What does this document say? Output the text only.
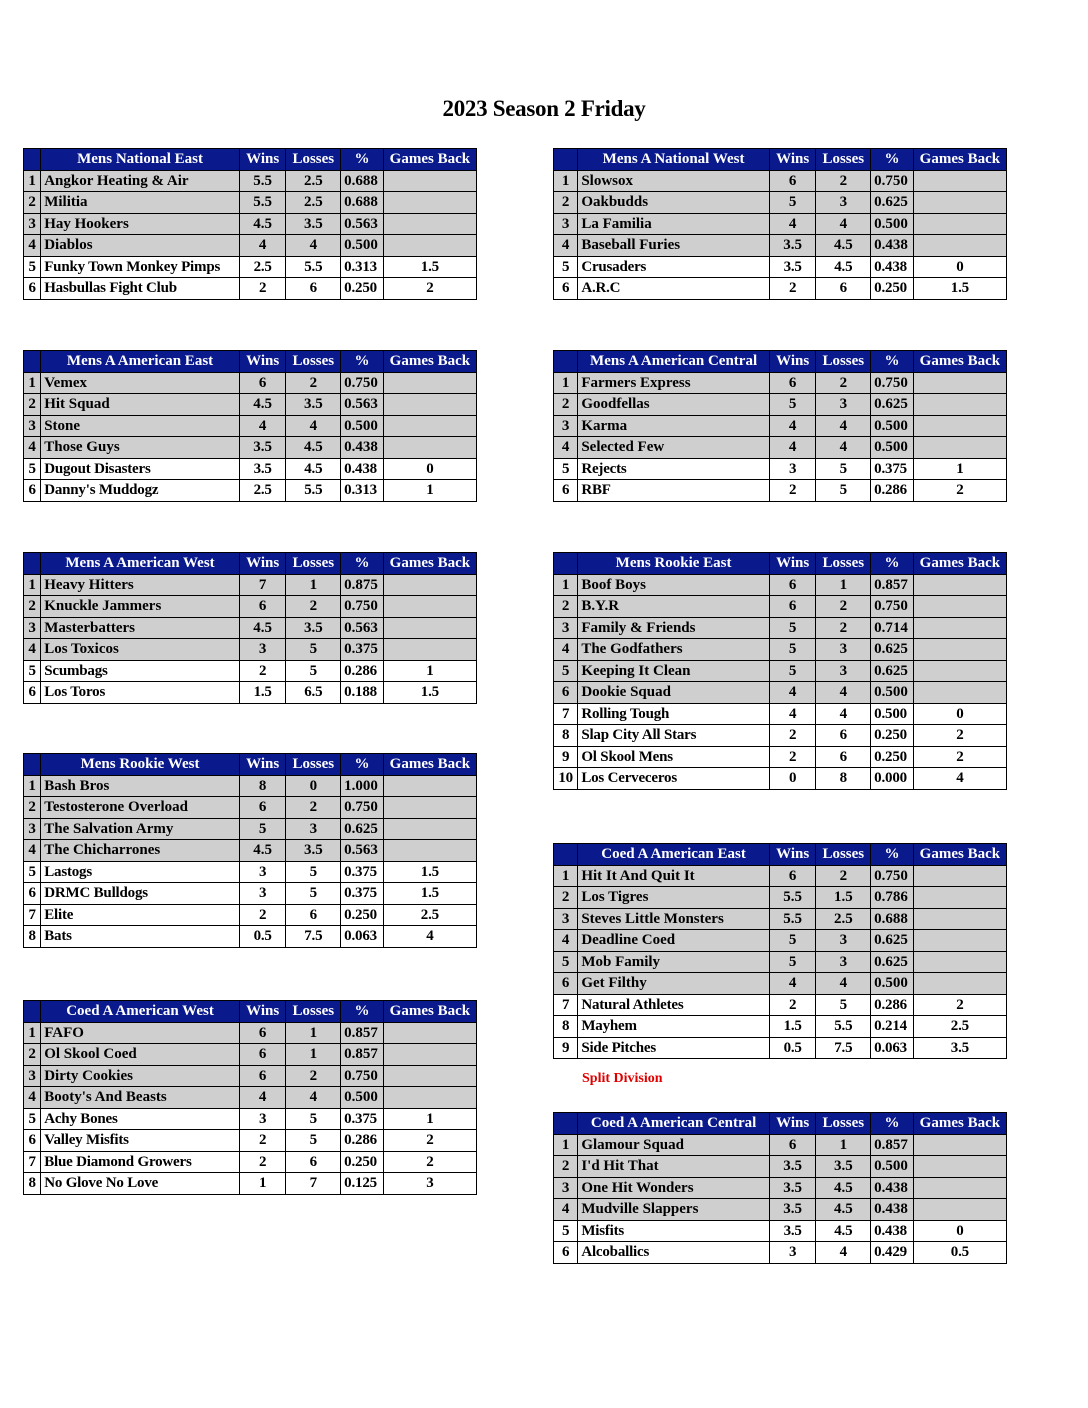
2023 Season 2 Friday
	Mens National East	Wins	Losses	%	Games Back
1	Angkor Heating & Air	5.5	2.5	0.688	
2	Militia	5.5	2.5	0.688	
3	Hay Hookers	4.5	3.5	0.563	
4	Diablos	4	4	0.500	
5	Funky Town Monkey Pimps	2.5	5.5	0.313	1.5
6	Hasbullas Fight Club	2	6	0.250	2
	Mens A American East	Wins	Losses	%	Games Back
1	Vemex	6	2	0.750	
2	Hit Squad	4.5	3.5	0.563	
3	Stone	4	4	0.500	
4	Those Guys	3.5	4.5	0.438	
5	Dugout Disasters	3.5	4.5	0.438	0
6	Danny's Muddogz	2.5	5.5	0.313	1
	Mens A American West	Wins	Losses	%	Games Back
1	Heavy Hitters	7	1	0.875	
2	Knuckle Jammers	6	2	0.750	
3	Masterbatters	4.5	3.5	0.563	
4	Los Toxicos	3	5	0.375	
5	Scumbags	2	5	0.286	1
6	Los Toros	1.5	6.5	0.188	1.5
	Mens Rookie West	Wins	Losses	%	Games Back
1	Bash Bros	8	0	1.000	
2	Testosterone Overload	6	2	0.750	
3	The Salvation Army	5	3	0.625	
4	The Chicharrones	4.5	3.5	0.563	
5	Lastogs	3	5	0.375	1.5
6	DRMC Bulldogs	3	5	0.375	1.5
7	Elite	2	6	0.250	2.5
8	Bats	0.5	7.5	0.063	4
	Coed A American West	Wins	Losses	%	Games Back
1	FAFO	6	1	0.857	
2	Ol Skool Coed	6	1	0.857	
3	Dirty Cookies	6	2	0.750	
4	Booty's And Beasts	4	4	0.500	
5	Achy Bones	3	5	0.375	1
6	Valley Misfits	2	5	0.286	2
7	Blue Diamond Growers	2	6	0.250	2
8	No Glove No Love	1	7	0.125	3
	Mens A National West	Wins	Losses	%	Games Back
1	Slowsox	6	2	0.750	
2	Oakbudds	5	3	0.625	
3	La Familia	4	4	0.500	
4	Baseball Furies	3.5	4.5	0.438	
5	Crusaders	3.5	4.5	0.438	0
6	A.R.C	2	6	0.250	1.5
	Mens A American Central	Wins	Losses	%	Games Back
1	Farmers Express	6	2	0.750	
2	Goodfellas	5	3	0.625	
3	Karma	4	4	0.500	
4	Selected Few	4	4	0.500	
5	Rejects	3	5	0.375	1
6	RBF	2	5	0.286	2
	Mens Rookie East	Wins	Losses	%	Games Back
1	Boof Boys	6	1	0.857	
2	B.Y.R	6	2	0.750	
3	Family & Friends	5	2	0.714	
4	The Godfathers	5	3	0.625	
5	Keeping It Clean	5	3	0.625	
6	Dookie Squad	4	4	0.500	
7	Rolling Tough	4	4	0.500	0
8	Slap City All Stars	2	6	0.250	2
9	Ol Skool Mens	2	6	0.250	2
10	Los Cerveceros	0	8	0.000	4
	Coed A American East	Wins	Losses	%	Games Back
1	Hit It And Quit It	6	2	0.750	
2	Los Tigres	5.5	1.5	0.786	
3	Steves Little Monsters	5.5	2.5	0.688	
4	Deadline Coed	5	3	0.625	
5	Mob Family	5	3	0.625	
6	Get Filthy	4	4	0.500	
7	Natural Athletes	2	5	0.286	2
8	Mayhem	1.5	5.5	0.214	2.5
9	Side Pitches	0.5	7.5	0.063	3.5
Split Division
	Coed A American Central	Wins	Losses	%	Games Back
1	Glamour Squad	6	1	0.857	
2	I'd Hit That	3.5	3.5	0.500	
3	One Hit Wonders	3.5	4.5	0.438	
4	Mudville Slappers	3.5	4.5	0.438	
5	Misfits	3.5	4.5	0.438	0
6	Alcoballics	3	4	0.429	0.5
